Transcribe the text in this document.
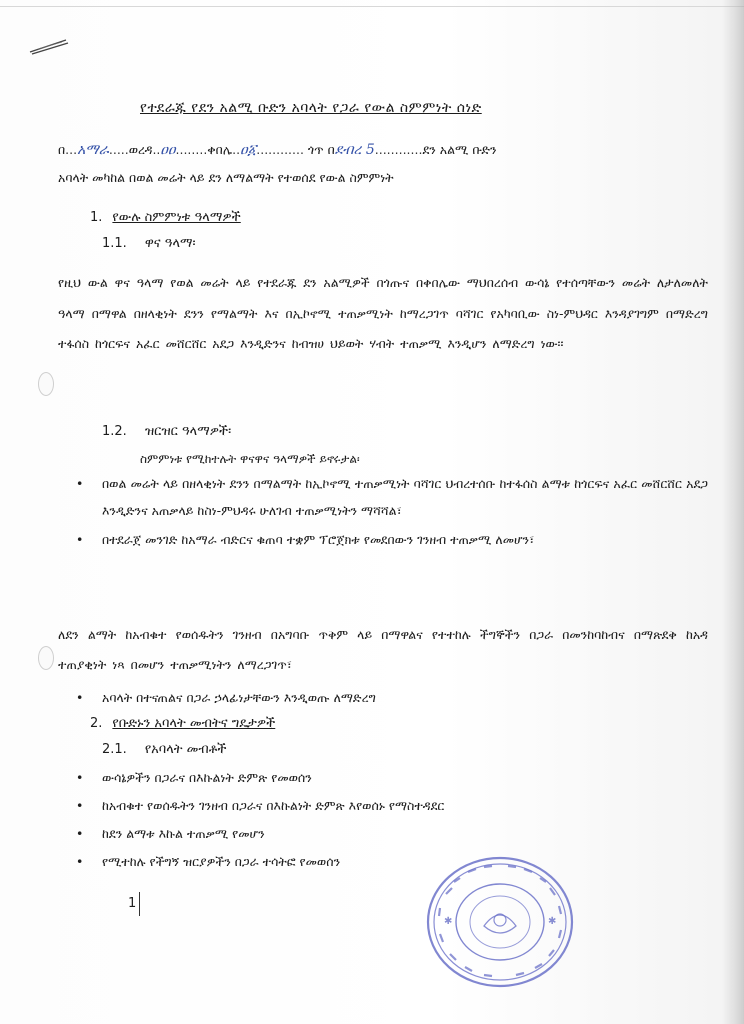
የተደራጁ የደን አልሚ ቡድን አባላት የጋራ የውል ስምምነት ሰነድ
በ...አማራ.....ወረዳ..ዐዐ........ቀበሌ..ዐ፩............ ጎጥ በደብረ 5............ደን አልሚ ቡድን
አባላት መካከል በወል መሬት ላይ ደን ለማልማት የተወሰደ የውል ስምምነት
1. የውሉ ስምምነቱ ዓላማዎች
1.1. ዋና ዓላማ፡
የዚህ ውል ዋና ዓላማ የወል መሬት ላይ የተደራጁ ደን አልሚዎች በጎጡና በቀበሌው ማህበረሰብ ውሳኔ የተሰጣቸውን መሬት ለታለመለት ዓላማ በማዋል በዘላቂነት ደንን የማልማት እና በኢኮኖሚ ተጠቃሚነት ከማረጋገጥ ባሻገር የአካባቢው ስነ-ምህዳር እንዳያገግም በማድረግ ተፋሰስ ከጎርፍና አፈር መሸርሸር አደጋ እንዲድንና ከብዝሀ ህይወት ሃብት ተጠቃሚ እንዲሆን ለማድረግ ነው፡፡
1.2. ዝርዝር ዓላማዎች፡
ስምምነቱ የሚከተሉት ዋናዋና ዓላማዎች ይኖሩታል፡
• በወል መሬት ላይ በዘላቂነት ደንን በማልማት ከኢኮኖሚ ተጠቃሚነት ባሻገር ህብረተሰቡ ከተፋሰስ ልማቱ ከጎርፍና አፈር መሸርሸር አደጋ እንዲድንና አጠቃላይ ከስነ-ምህዳሩ ሁለገብ ተጠቃሚነትን ማሻሻል፣
• በተደራጀ መንገድ ከአማራ ብድርና ቁጠባ ተቋም ፕሮጀክቱ የመደበውን ገንዘብ ተጠቃሚ ለመሆን፣
ለደን ልማት ከአብቁተ የወሰዱትን ገንዘብ በአግባቡ ጥቅም ላይ በማዋልና የተተከሉ ችግኞችን በጋራ በመንከባከብና በማጽደቅ ከአዳ ተጠያቂነት ነጻ በመሆን ተጠቃሚነትን ለማረጋገጥ፣
• አባላት በተናጠልና በጋራ ኃላፊነታቸውን እንዲወጡ ለማድረግ
2. የቡድኑን አባላት መብትና ግዴታዎች
2.1. የአባላት መብቶች
• ውሳኔዎችን በጋራና በእኩልነት ድምጽ የመወሰን
• ከአብቁተ የወሰዱትን ገንዘብ በጋራና በእኩልነት ድምጽ እየወሰኑ የማስተዳደር
• ከደን ልማቱ እኩል ተጠቃሚ የመሆን
• የሚተከሉ የችግኝ ዝርያዎችን በጋራ ተሳትፎ የመወሰን
1
✱	✱
